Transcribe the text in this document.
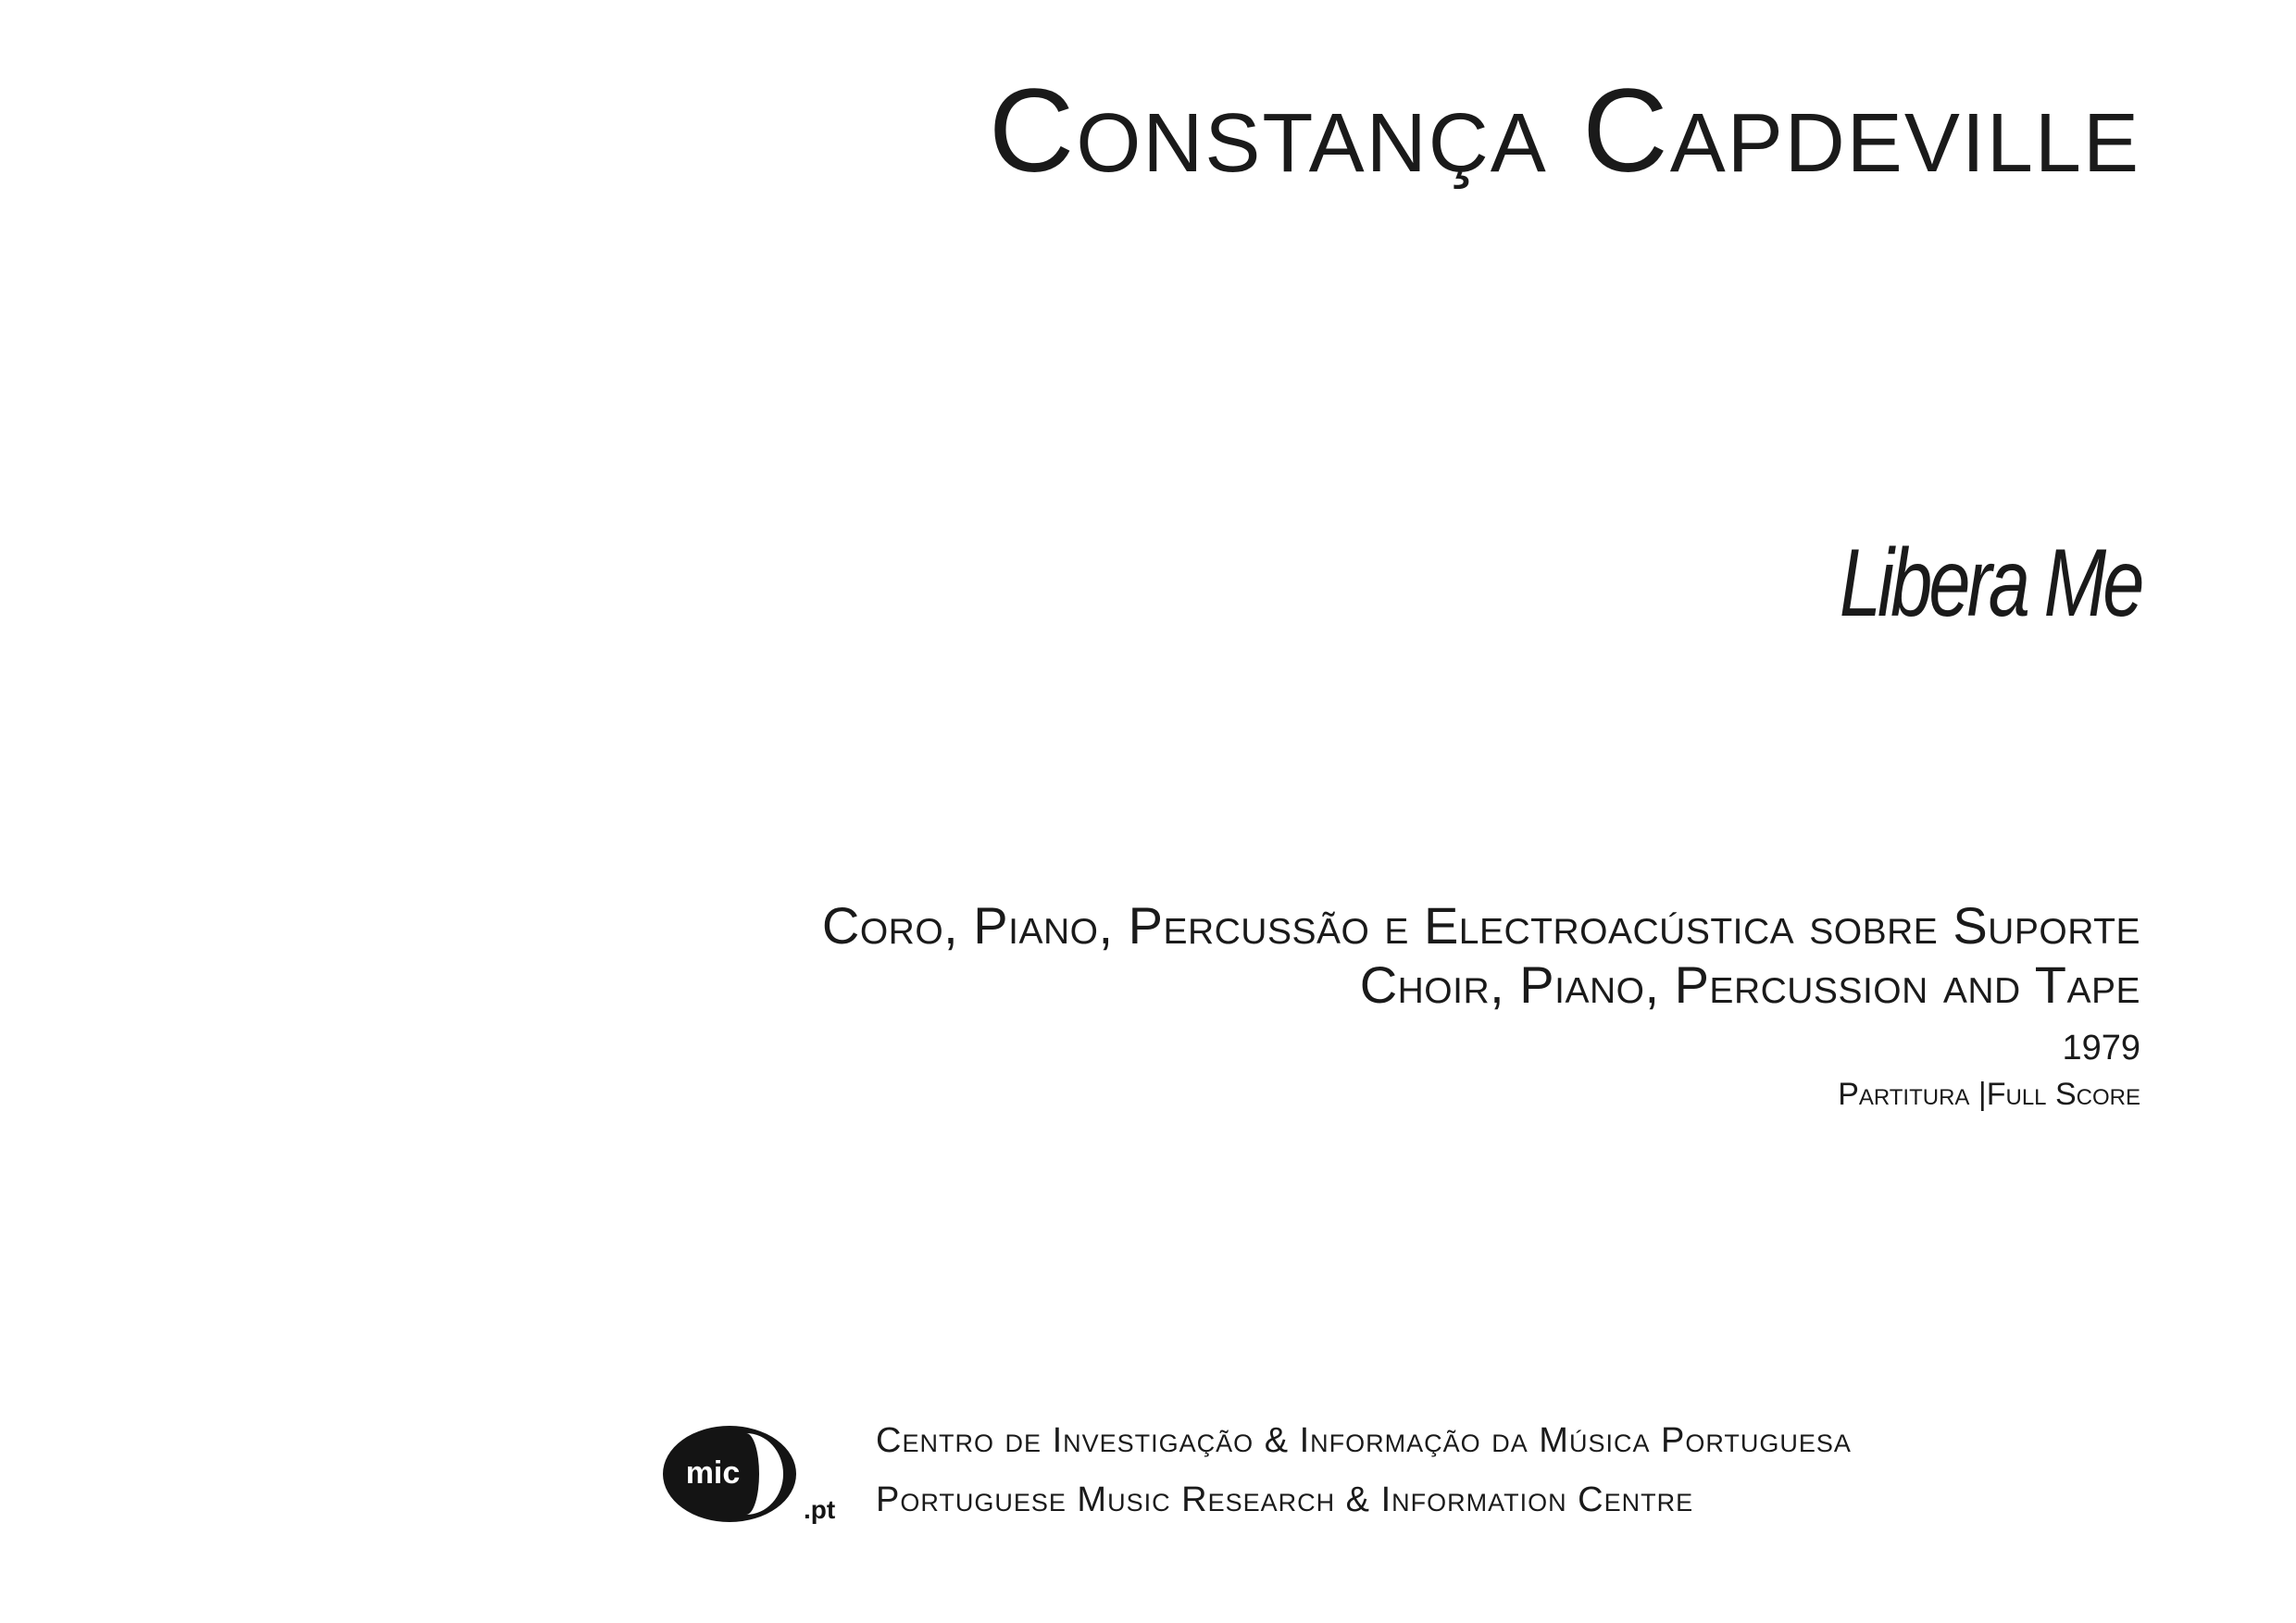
Constança Capdeville
Libera Me
Coro, Piano, Percussão e Electroacústica sobre Suporte
Choir, Piano, Percussion and Tape
1979
Partitura |Full Score
mic
.pt
Centro de Investigação & Informação da Música Portuguesa
Portuguese Music Research & Information Centre
